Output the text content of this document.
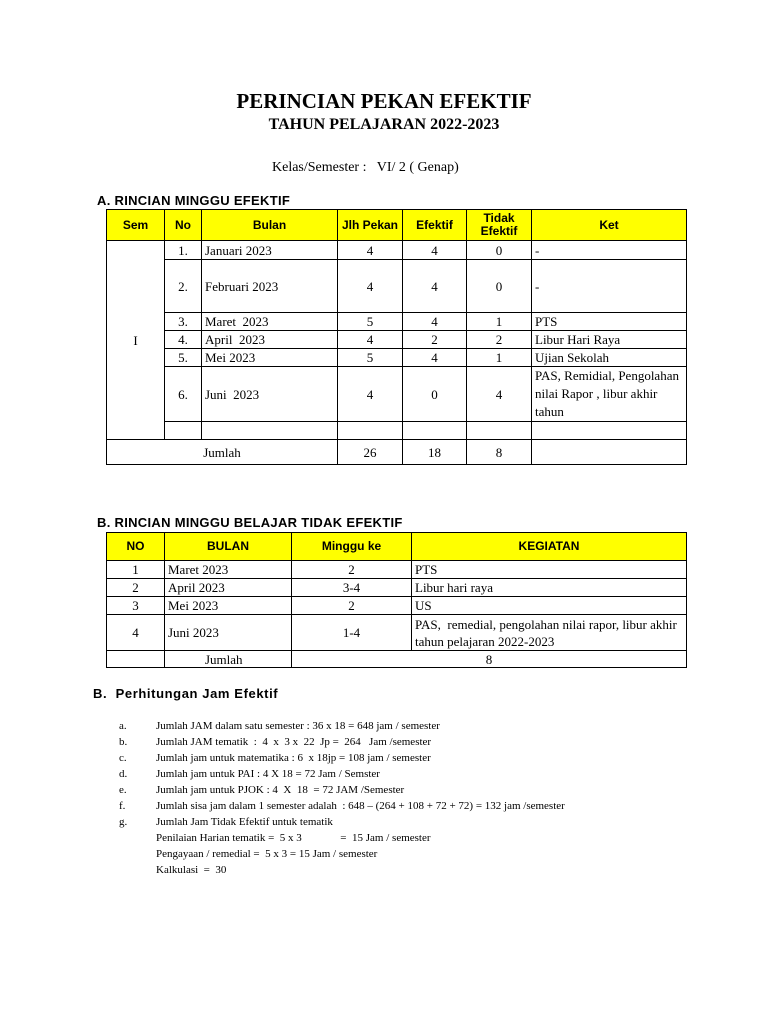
PERINCIAN PEKAN EFEKTIF
TAHUN PELAJARAN 2022-2023
Kelas/Semester :   VI/ 2 ( Genap)
A. RINCIAN MINGGU EFEKTIF
Sem	No	Bulan	Jlh Pekan	Efektif	Tidak Efektif	Ket
I	1.	Januari 2023	4	4	0	-
	2.	Februari 2023	4	4	0	-
	3.	Maret  2023	5	4	1	PTS
	4.	April  2023	4	2	2	Libur Hari Raya
	5.	Mei 2023	5	4	1	Ujian Sekolah
	6.	Juni  2023	4	0	4	PAS, Remidial, Pengolahan nilai Rapor , libur akhir tahun

Jumlah			26	18	8	
B. RINCIAN MINGGU BELAJAR TIDAK EFEKTIF
NO	BULAN	Minggu ke	KEGIATAN
1	Maret 2023	2	PTS
2	April 2023	3-4	Libur hari raya
3	Mei 2023	2	US
4	Juni 2023	1-4	PAS,  remedial, pengolahan nilai rapor, libur akhir tahun pelajaran 2022-2023
	Jumlah	8	
B.  Perhitungan Jam Efektif
a.	Jumlah JAM dalam satu semester : 36 x 18 = 648 jam / semester
b.	Jumlah JAM tematik  :  4  x  3 x  22  Jp =  264   Jam /semester
c.	Jumlah jam untuk matematika : 6  x 18jp = 108 jam / semester
d.	Jumlah jam untuk PAI : 4 X 18 = 72 Jam / Semster
e.	Jumlah jam untuk PJOK : 4  X  18  = 72 JAM /Semester
f.	Jumlah sisa jam dalam 1 semester adalah  : 648 – (264 + 108 + 72 + 72) = 132 jam /semester
g.	Jumlah Jam Tidak Efektif untuk tematik
Penilaian Harian tematik =  5 x 3              =  15 Jam / semester
Pengayaan / remedial =  5 x 3 = 15 Jam / semester
Kalkulasi  =  30
